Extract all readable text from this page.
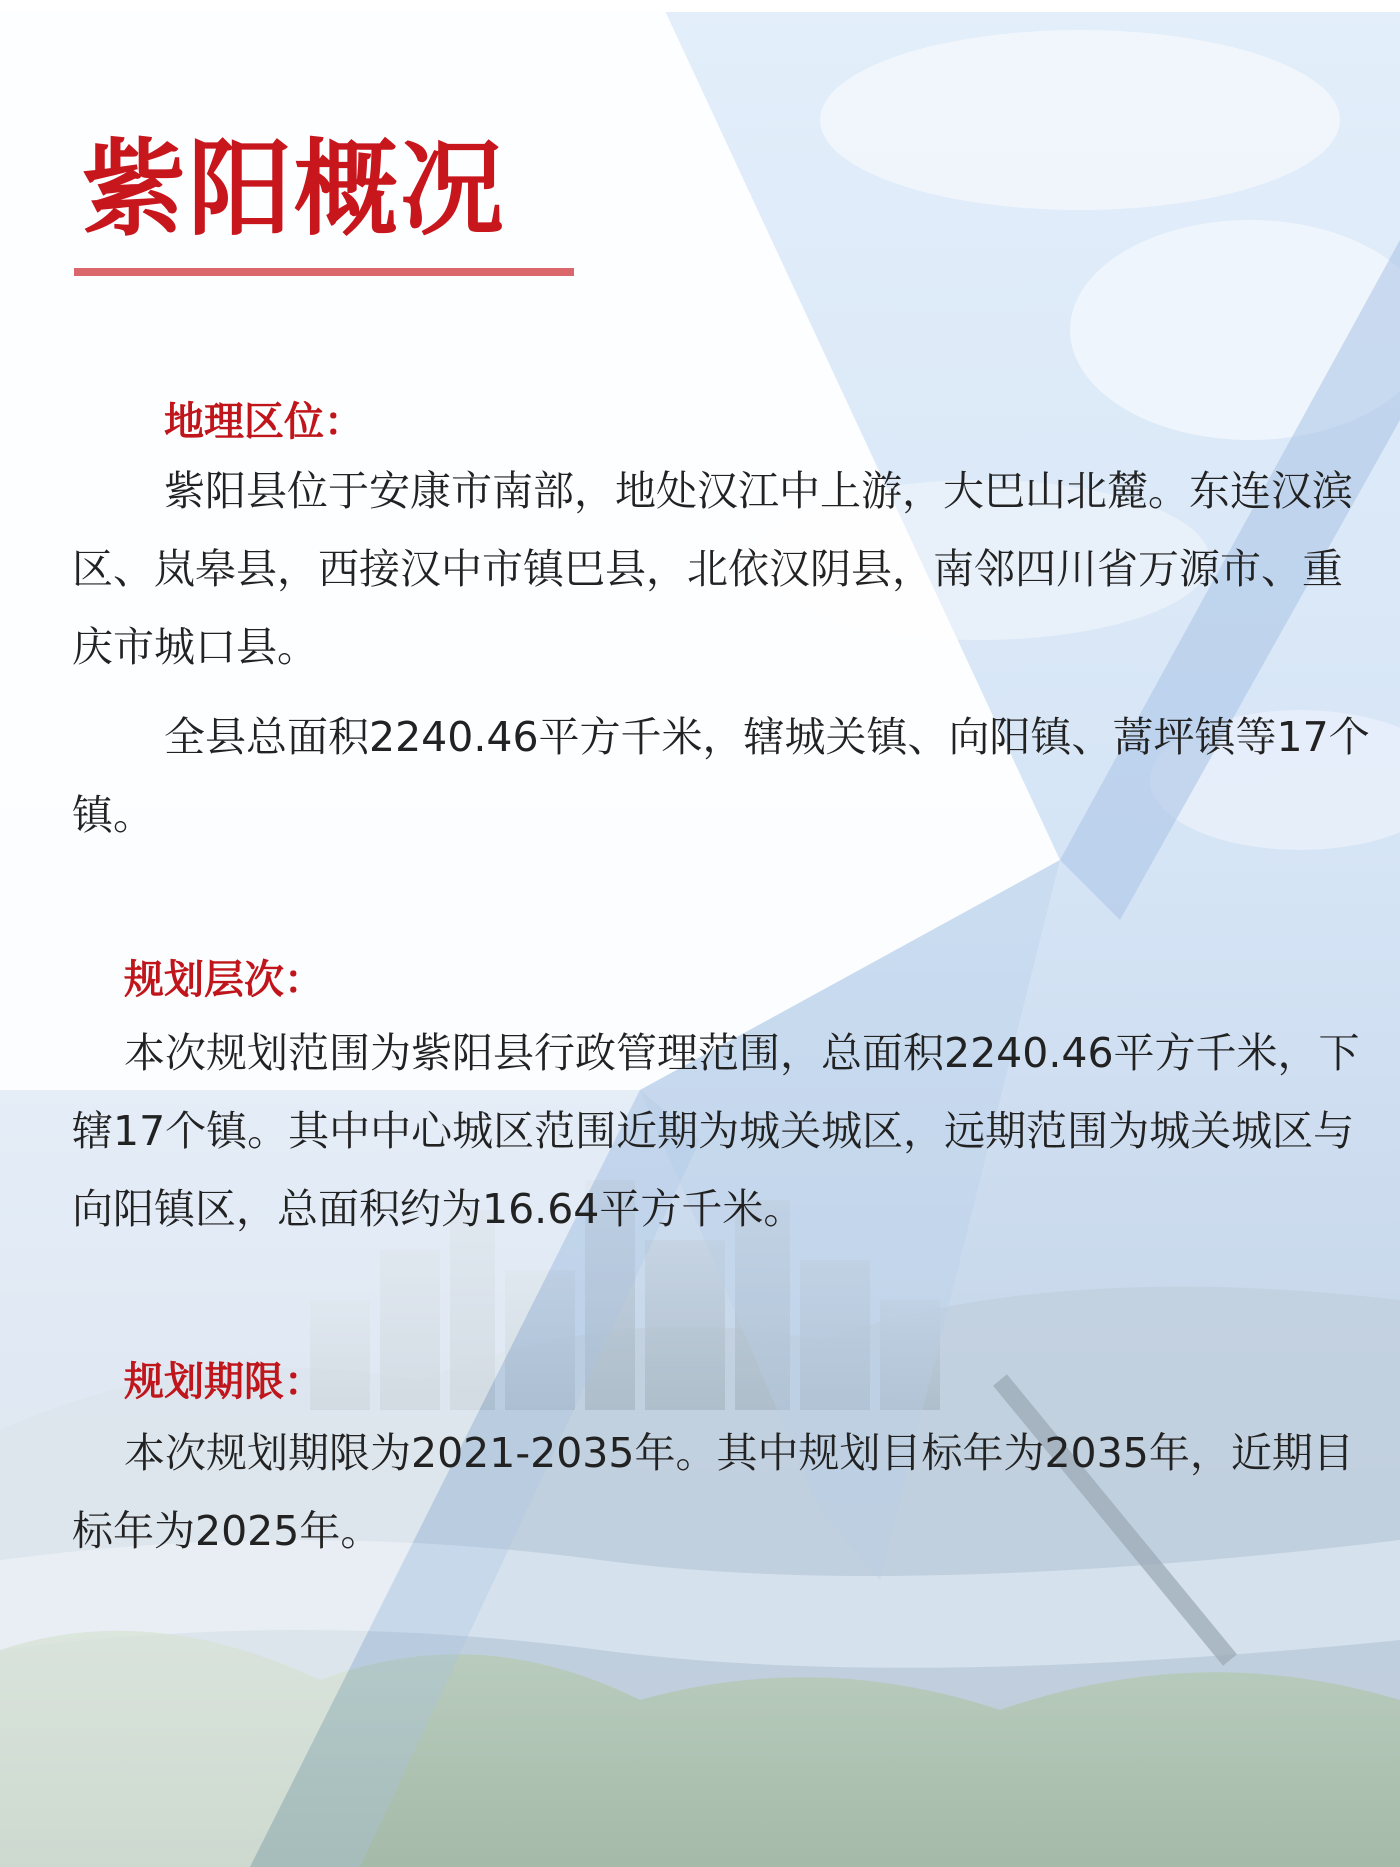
紫阳概况
地理区位：

紫阳县位于安康市南部，地处汉江中上游，大巴山北麓。东连汉滨区、岚皋县，西接汉中市镇巴县，北依汉阴县，南邻四川省万源市、重庆市城口县。

全县总面积2240.46平方千米，辖城关镇、向阳镇、蒿坪镇等17个镇。

规划层次：

本次规划范围为紫阳县行政管理范围，总面积2240.46平方千米，下辖17个镇。其中中心城区范围近期为城关城区，远期范围为城关城区与向阳镇区，总面积约为16.64平方千米。

规划期限：

本次规划期限为2021-2035年。其中规划目标年为2035年，近期目标年为2025年。
